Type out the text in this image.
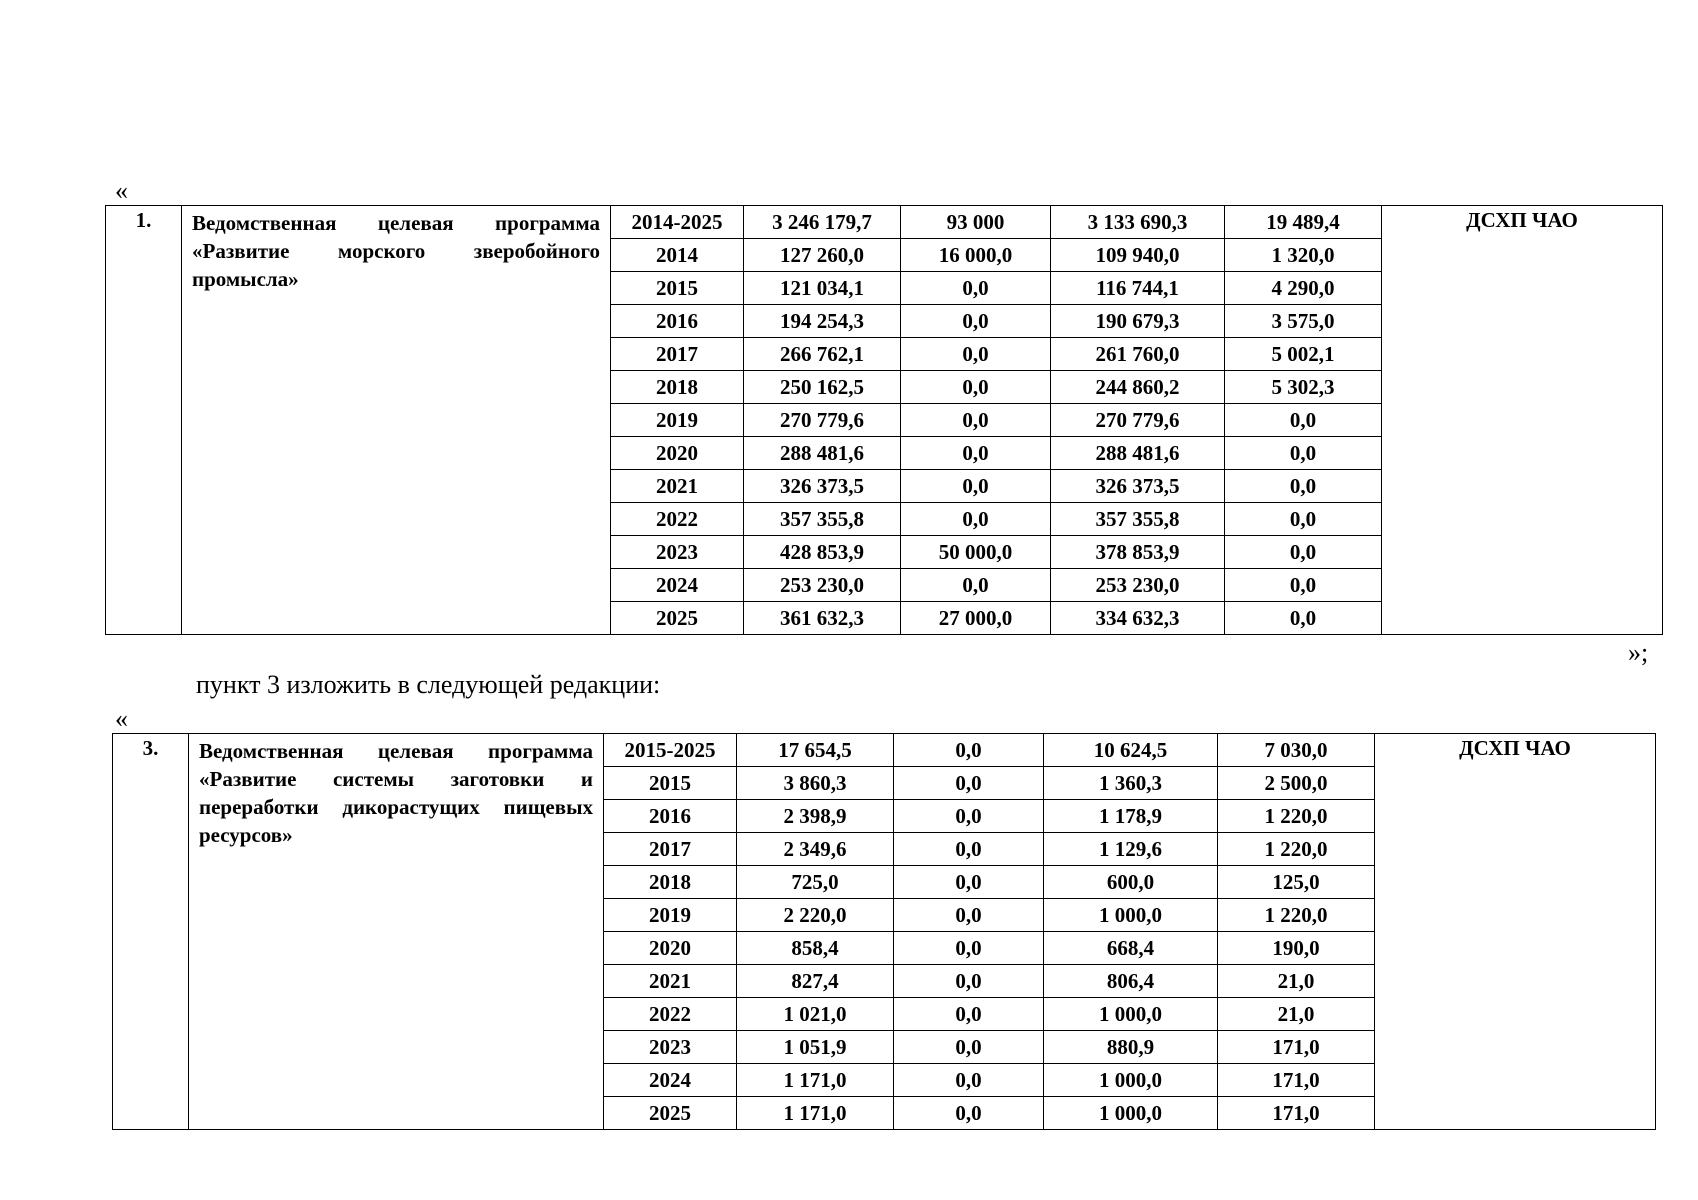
«
1.	Ведомственная целевая программа «Развитие морского зверобойного промысла»	2014-2025	3 246 179,7	93 000	3 133 690,3	19 489,4	ДСХП ЧАО
		2014	127 260,0	16 000,0	109 940,0	1 320,0	
		2015	121 034,1	0,0	116 744,1	4 290,0	
		2016	194 254,3	0,0	190 679,3	3 575,0	
		2017	266 762,1	0,0	261 760,0	5 002,1	
		2018	250 162,5	0,0	244 860,2	5 302,3	
		2019	270 779,6	0,0	270 779,6	0,0	
		2020	288 481,6	0,0	288 481,6	0,0	
		2021	326 373,5	0,0	326 373,5	0,0	
		2022	357 355,8	0,0	357 355,8	0,0	
		2023	428 853,9	50 000,0	378 853,9	0,0	
		2024	253 230,0	0,0	253 230,0	0,0	
		2025	361 632,3	27 000,0	334 632,3	0,0	
»;
пункт 3 изложить в следующей редакции:
«
3.	Ведомственная целевая программа «Развитие системы заготовки и переработки дикорастущих пищевых ресурсов»	2015-2025	17 654,5	0,0	10 624,5	7 030,0	ДСХП ЧАО
		2015	3 860,3	0,0	1 360,3	2 500,0	
		2016	2 398,9	0,0	1 178,9	1 220,0	
		2017	2 349,6	0,0	1 129,6	1 220,0	
		2018	725,0	0,0	600,0	125,0	
		2019	2 220,0	0,0	1 000,0	1 220,0	
		2020	858,4	0,0	668,4	190,0	
		2021	827,4	0,0	806,4	21,0	
		2022	1 021,0	0,0	1 000,0	21,0	
		2023	1 051,9	0,0	880,9	171,0	
		2024	1 171,0	0,0	1 000,0	171,0	
		2025	1 171,0	0,0	1 000,0	171,0	
